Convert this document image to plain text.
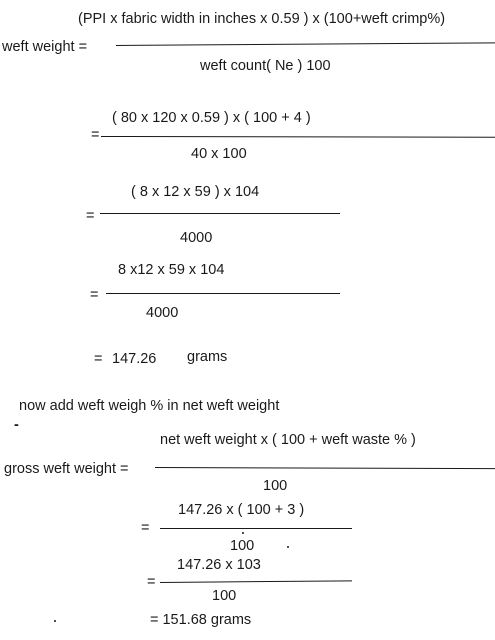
weft weight =
(PPI x fabric width in inches x 0.59 ) x (100+weft crimp%)
weft count( Ne ) 100
=
( 80 x 120 x 0.59 ) x ( 100 + 4 )
40 x 100
=
( 8 x 12 x 59 ) x 104
4000
=
8 x12 x 59 x 104
4000
= 147.26 grams
now add weft weigh % in net weft weight
-
gross weft weight =
net weft weight x ( 100 + weft waste % )
100
=
147.26 x ( 100 + 3 )
100
=
147.26 x 103
100
= 151.68 grams
